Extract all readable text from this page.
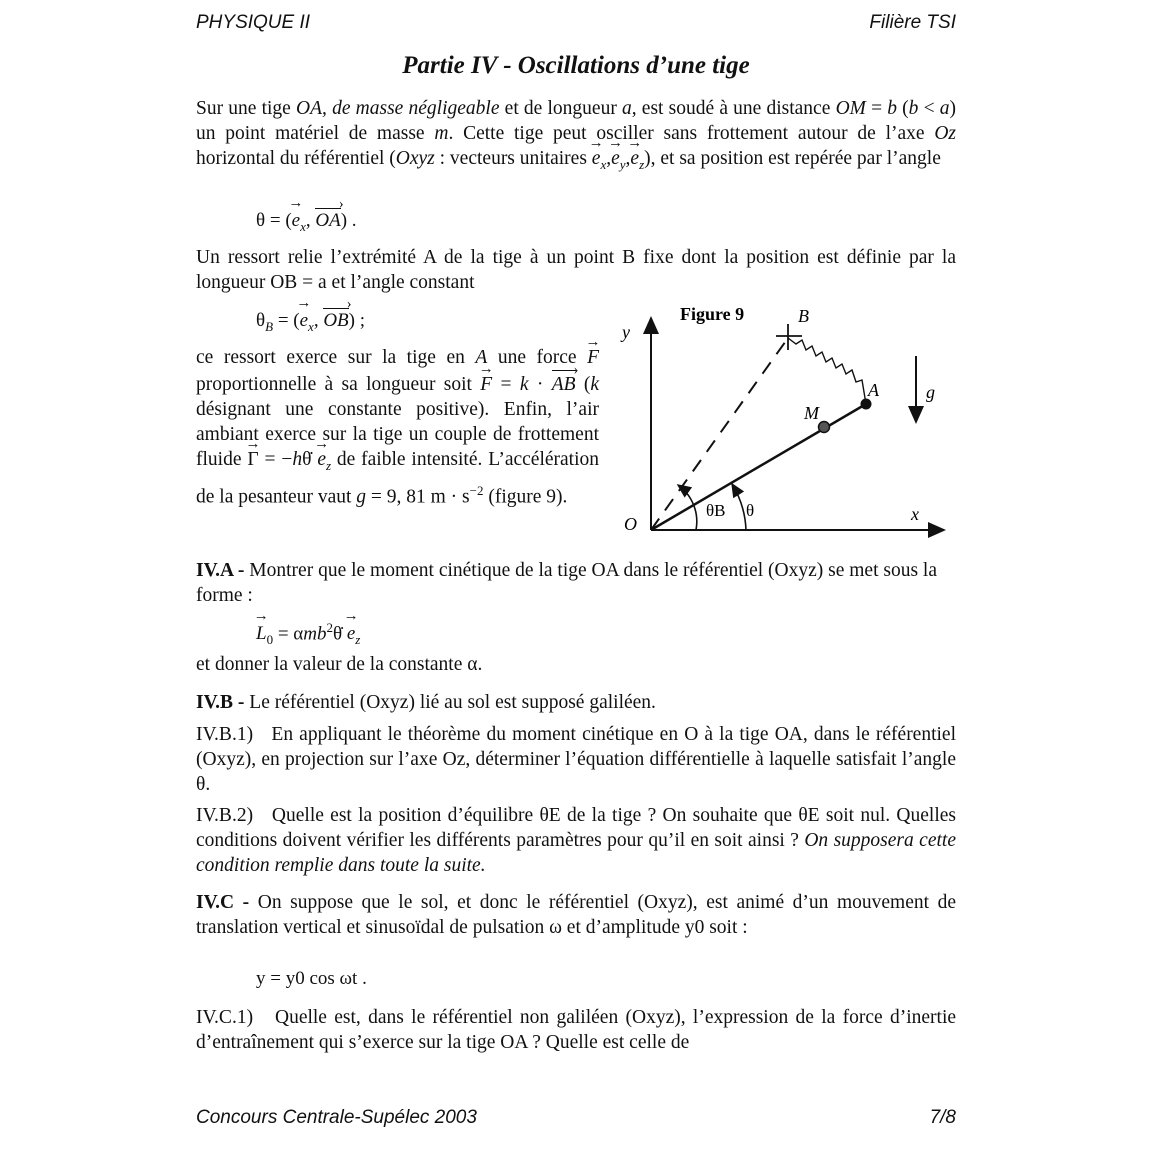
PHYSIQUE II	Filière TSI
Partie IV - Oscillations d’une tige
Sur une tige OA, de masse négligeable et de longueur a, est soudé à une distance OM = b (b < a) un point matériel de masse m. Cette tige peut osciller sans frottement autour de l’axe Oz horizontal du référentiel (Oxyz : vecteurs unitaires → $e_x,\to e_y,\to e_z$), et sa position est repérée par l’angle
θ = (→ $e_x$, OA ›) .
Un ressort relie l’extrémité A de la tige à un point B fixe dont la position est définie par la longueur OB = a et l’angle constant
$\theta_B$ = (→ $e_x$, OB ›) ;
ce ressort exerce sur la tige en A une force → F proportionnelle à sa longueur soit → F = k · AB › (k désignant une constante positive). Enfin, l’air ambiant exerce sur la tige un couple de frottement fluide → Γ = −hθ̇ → $e_z$ de faible intensité. L’accélération de la pesanteur vaut g = 9, 81 $m \cdot s^{-2}$ (figure 9).
Figure 9
y
B
A
M
g
O	x
θB θ
IV.A - Montrer que le moment cinétique de la tige OA dans le référentiel (Oxyz) se met sous la forme :
→ $L_0$ = αmb$^2$θ̇ → $e_z$
et donner la valeur de la constante α.
IV.B - Le référentiel (Oxyz) lié au sol est supposé galiléen.
IV.B.1) En appliquant le théorème du moment cinétique en O à la tige OA, dans le référentiel (Oxyz), en projection sur l’axe Oz, déterminer l’équation différentielle à laquelle satisfait l’angle θ.
IV.B.2) Quelle est la position d’équilibre θE de la tige ? On souhaite que θE soit nul. Quelles conditions doivent vérifier les différents paramètres pour qu’il en soit ainsi ? On supposera cette condition remplie dans toute la suite.
IV.C - On suppose que le sol, et donc le référentiel (Oxyz), est animé d’un mouvement de translation vertical et sinusoïdal de pulsation ω et d’amplitude y0 soit :
y = y0 cos ωt .
IV.C.1) Quelle est, dans le référentiel non galiléen (Oxyz), l’expression de la force d’inertie d’entraînement qui s’exerce sur la tige OA ? Quelle est celle de
Concours Centrale-Supélec 2003	7/8
